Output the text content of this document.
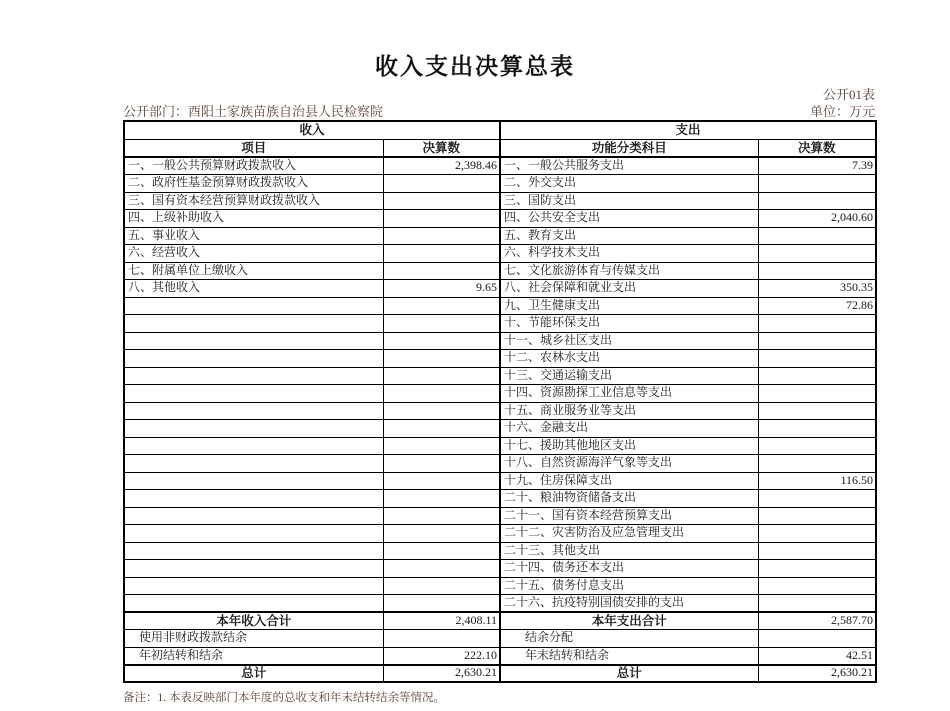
收入支出决算总表
公开01表
公开部门：酉阳土家族苗族自治县人民检察院	单位：万元
收入		支出	
项目	决算数	功能分类科目	决算数
一、一般公共预算财政拨款收入	2,398.46	一、一般公共服务支出	7.39
二、政府性基金预算财政拨款收入		二、外交支出	
三、国有资本经营预算财政拨款收入		三、国防支出	
四、上级补助收入		四、公共安全支出	2,040.60
五、事业收入		五、教育支出	
六、经营收入		六、科学技术支出	
七、附属单位上缴收入		七、文化旅游体育与传媒支出	
八、其他收入	9.65	八、社会保障和就业支出	350.35
		九、卫生健康支出	72.86
		十、节能环保支出	
		十一、城乡社区支出	
		十二、农林水支出	
		十三、交通运输支出	
		十四、资源勘探工业信息等支出	
		十五、商业服务业等支出	
		十六、金融支出	
		十七、援助其他地区支出	
		十八、自然资源海洋气象等支出	
		十九、住房保障支出	116.50
		二十、粮油物资储备支出	
		二十一、国有资本经营预算支出	
		二十二、灾害防治及应急管理支出	
		二十三、其他支出	
		二十四、债务还本支出	
		二十五、债务付息支出	
		二十六、抗疫特别国债安排的支出	
本年收入合计	2,408.11	本年支出合计	2,587.70
使用非财政拨款结余		结余分配	
年初结转和结余	222.10	年末结转和结余	42.51
总计	2,630.21	总计	2,630.21
备注：1. 本表反映部门本年度的总收支和年末结转结余等情况。
